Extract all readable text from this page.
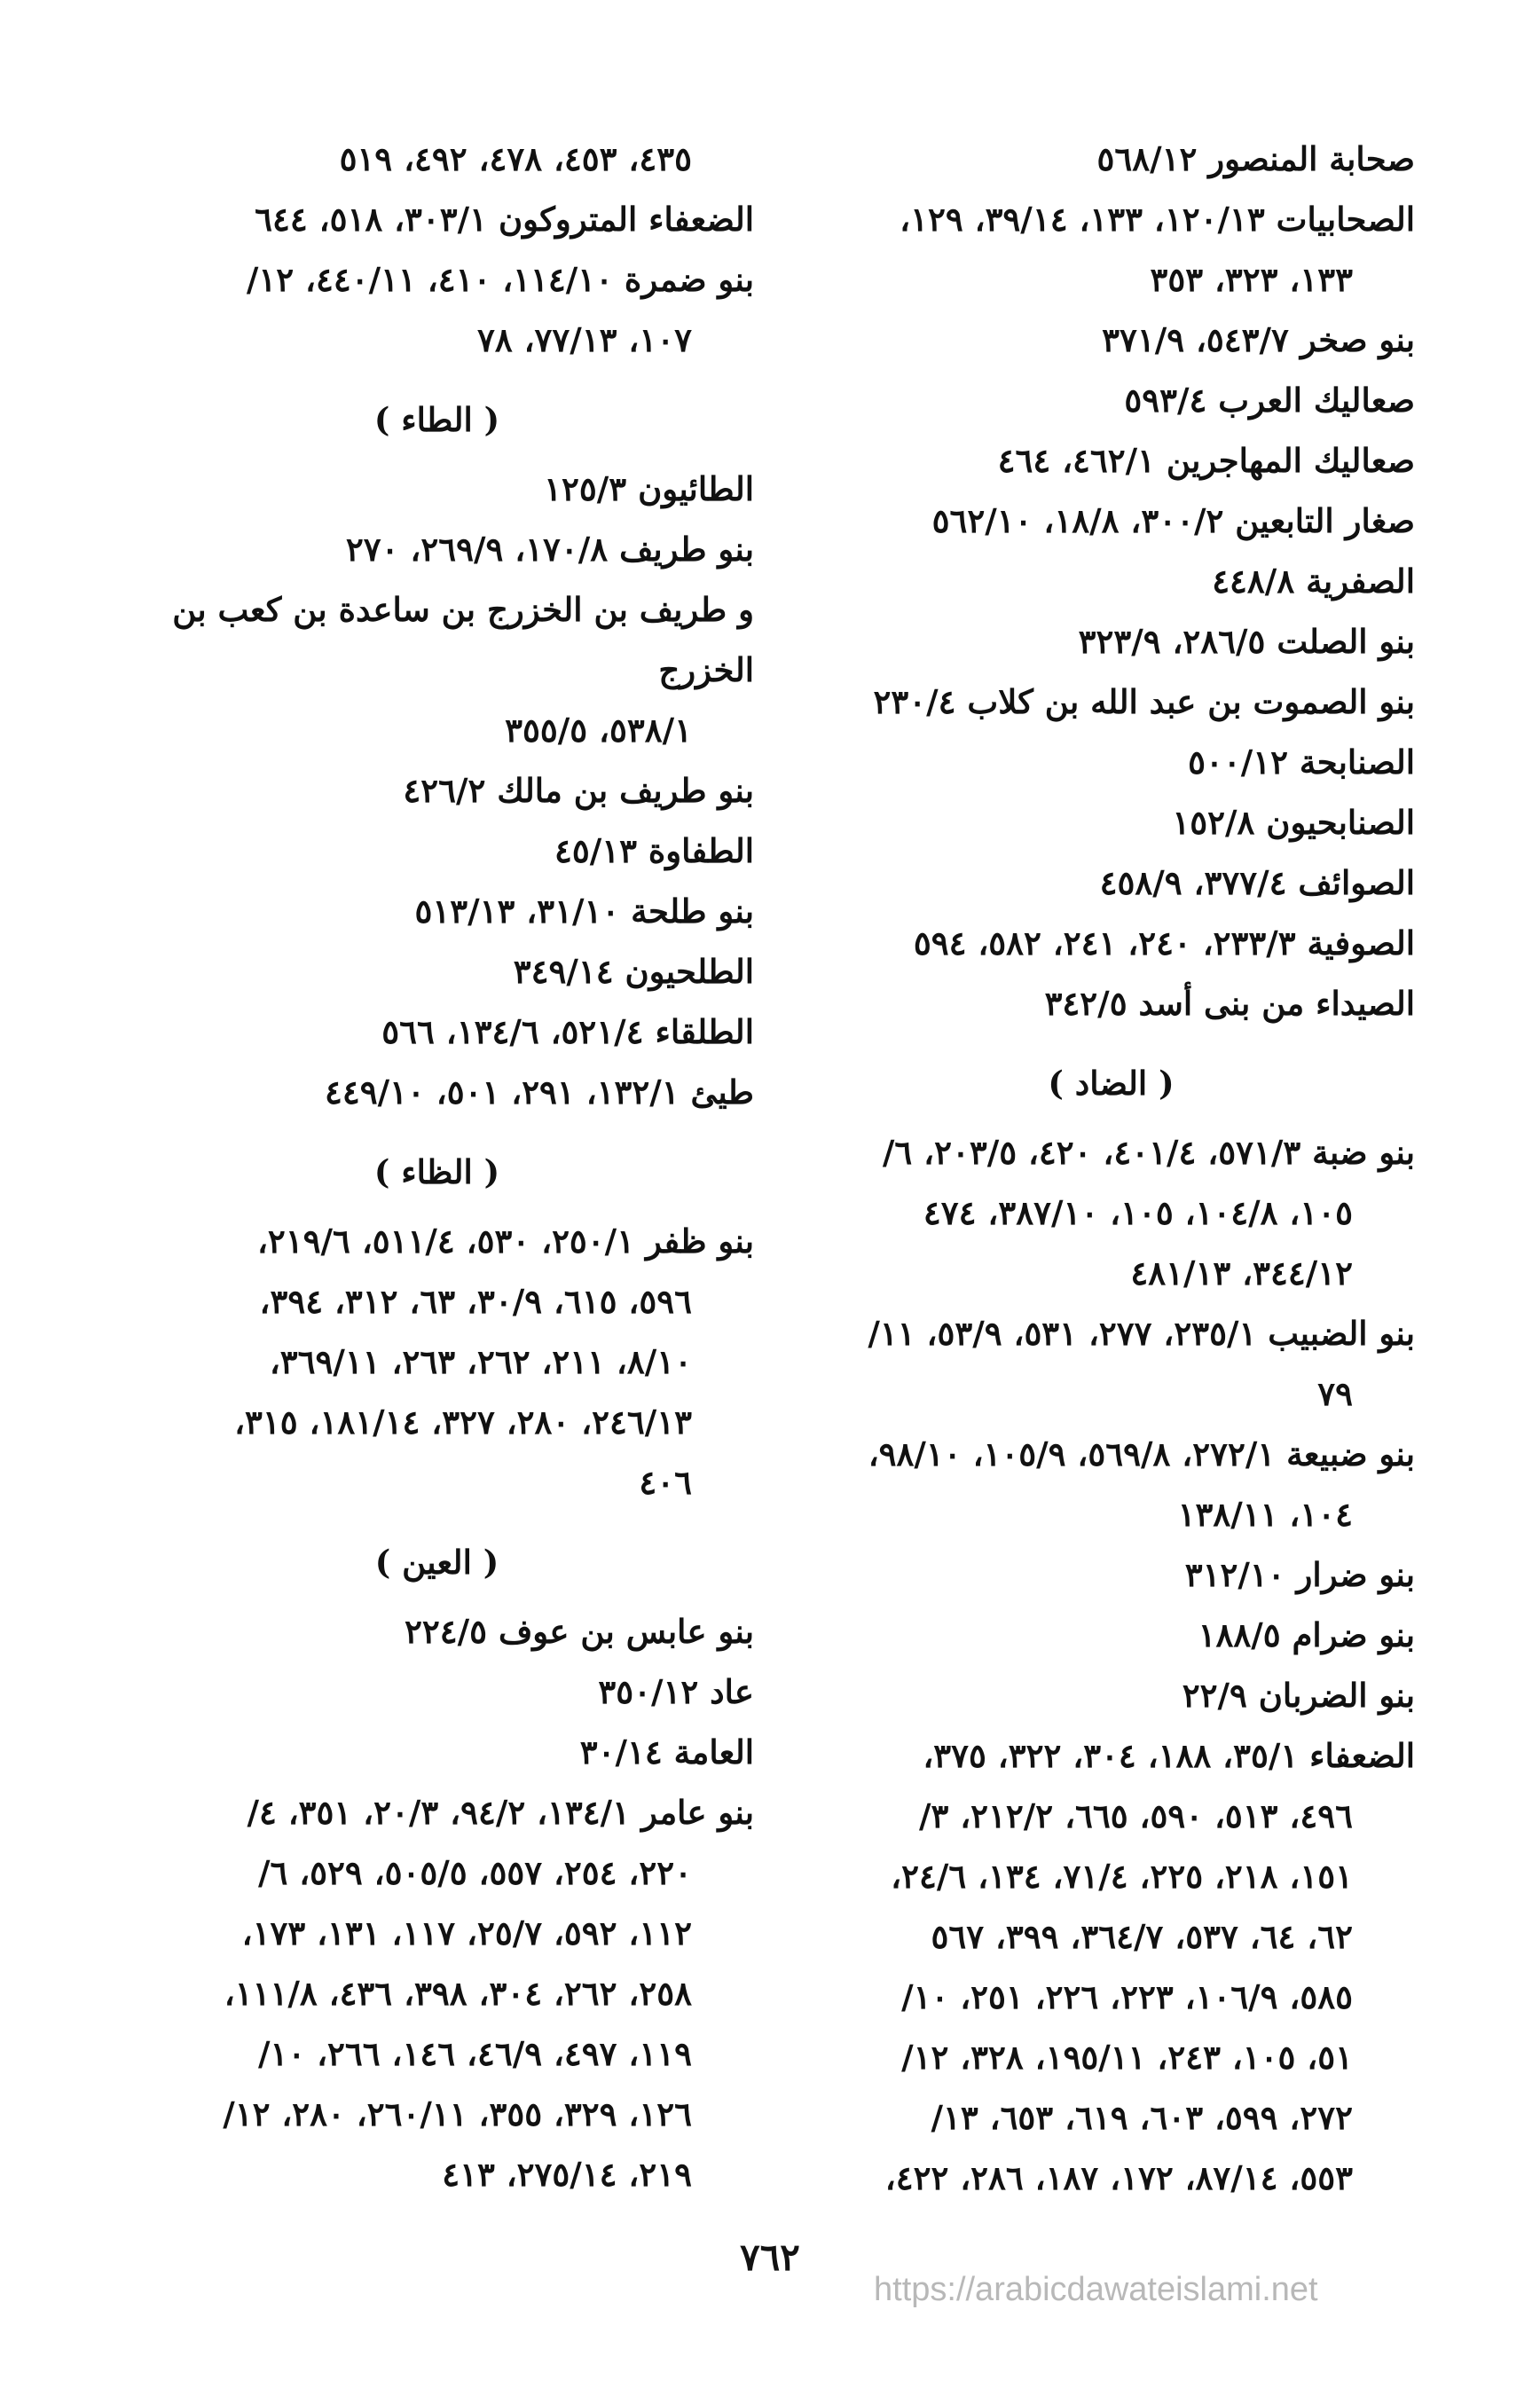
صحابة المنصور ٥٦٨/١٢

الصحابيات ١٢٠/١٣، ١٣٣، ٣٩/١٤، ١٢٩،

١٣٣، ٣٢٣، ٣٥٣

بنو صخر ٥٤٣/٧، ٣٧١/٩

صعاليك العرب ٥٩٣/٤

صعاليك المهاجرين ٤٦٢/١، ٤٦٤

صغار التابعين ٣٠٠/٢، ١٨/٨، ٥٦٢/١٠

الصفرية ٤٤٨/٨

بنو الصلت ٢٨٦/٥، ٣٢٣/٩

بنو الصموت بن عبد الله بن كلاب ٢٣٠/٤

الصنابحة ٥٠٠/١٢

الصنابحيون ١٥٢/٨

الصوائف ٣٧٧/٤، ٤٥٨/٩

الصوفية ٢٣٣/٣، ٢٤٠، ٢٤١، ٥٨٢، ٥٩٤

الصيداء من بنى أسد ٣٤٢/٥

( الضاد )

بنو ضبة ٥٧١/٣، ٤٠١/٤، ٤٢٠، ٢٠٣/٥، ٦/

١٠٥، ١٠٤/٨، ١٠٥، ٣٨٧/١٠، ٤٧٤

٣٤٤/١٢، ٤٨١/١٣

بنو الضبيب ٢٣٥/١، ٢٧٧، ٥٣١، ٥٣/٩، ١١/

٧٩

بنو ضبيعة ٢٧٢/١، ٥٦٩/٨، ١٠٥/٩، ٩٨/١٠،

١٠٤، ١٣٨/١١

بنو ضرار ٣١٢/١٠

بنو ضرام ١٨٨/٥

بنو الضربان ٢٢/٩

الضعفاء ٣٥/١، ١٨٨، ٣٠٤، ٣٢٢، ٣٧٥،

٤٩٦، ٥١٣، ٥٩٠، ٦٦٥، ٢١٢/٢، ٣/

١٥١، ٢١٨، ٢٢٥، ٧١/٤، ١٣٤، ٢٤/٦،

٦٢، ٦٤، ٥٣٧، ٣٦٤/٧، ٣٩٩، ٥٦٧

٥٨٥، ١٠٦/٩، ٢٢٣، ٢٢٦، ٢٥١، ١٠/

٥١، ١٠٥، ٢٤٣، ١٩٥/١١، ٣٢٨، ١٢/

٢٧٢، ٥٩٩، ٦٠٣، ٦١٩، ٦٥٣، ١٣/

٥٥٣، ٨٧/١٤، ١٧٢، ١٨٧، ٢٨٦، ٤٢٢،

٤٣٥، ٤٥٣، ٤٧٨، ٤٩٢، ٥١٩

الضعفاء المتروكون ٣٠٣/١، ٥١٨، ٦٤٤

بنو ضمرة ١١٤/١٠، ٤١٠، ٤٤٠/١١، ١٢/

١٠٧، ٧٧/١٣، ٧٨

( الطاء )

الطائيون ١٢٥/٣

بنو طريف ١٧٠/٨، ٢٦٩/٩، ٢٧٠

و طريف بن الخزرج بن ساعدة بن كعب بن الخزرج

٥٣٨/١، ٣٥٥/٥

بنو طريف بن مالك ٤٢٦/٢

الطفاوة ٤٥/١٣

بنو طلحة ٣١/١٠، ٥١٣/١٣

الطلحيون ٣٤٩/١٤

الطلقاء ٥٢١/٤، ١٣٤/٦، ٥٦٦

طيئ ١٣٢/١، ٢٩١، ٥٠١، ٤٤٩/١٠

( الظاء )

بنو ظفر ٢٥٠/١، ٥٣٠، ٥١١/٤، ٢١٩/٦،

٥٩٦، ٦١٥، ٣٠/٩، ٦٣، ٣١٢، ٣٩٤،

٨/١٠، ٢١١، ٢٦٢، ٢٦٣، ٣٦٩/١١،

٢٤٦/١٣، ٢٨٠، ٣٢٧، ١٨١/١٤، ٣١٥،

٤٠٦

( العين )

بنو عابس بن عوف ٢٢٤/٥

عاد ٣٥٠/١٢

العامة ٣٠/١٤

بنو عامر ١٣٤/١، ٩٤/٢، ٢٠/٣، ٣٥١، ٤/

٢٢٠، ٢٥٤، ٥٥٧، ٥٠٥/٥، ٥٢٩، ٦/

١١٢، ٥٩٢، ٢٥/٧، ١١٧، ١٣١، ١٧٣،

٢٥٨، ٢٦٢، ٣٠٤، ٣٩٨، ٤٣٦، ١١١/٨،

١١٩، ٤٩٧، ٤٦/٩، ١٤٦، ٢٦٦، ١٠/

١٢٦، ٣٢٩، ٣٥٥، ٢٦٠/١١، ٢٨٠، ١٢/

٢١٩، ٢٧٥/١٤، ٤١٣

٧٦٢
https://arabicdawateislami.net
